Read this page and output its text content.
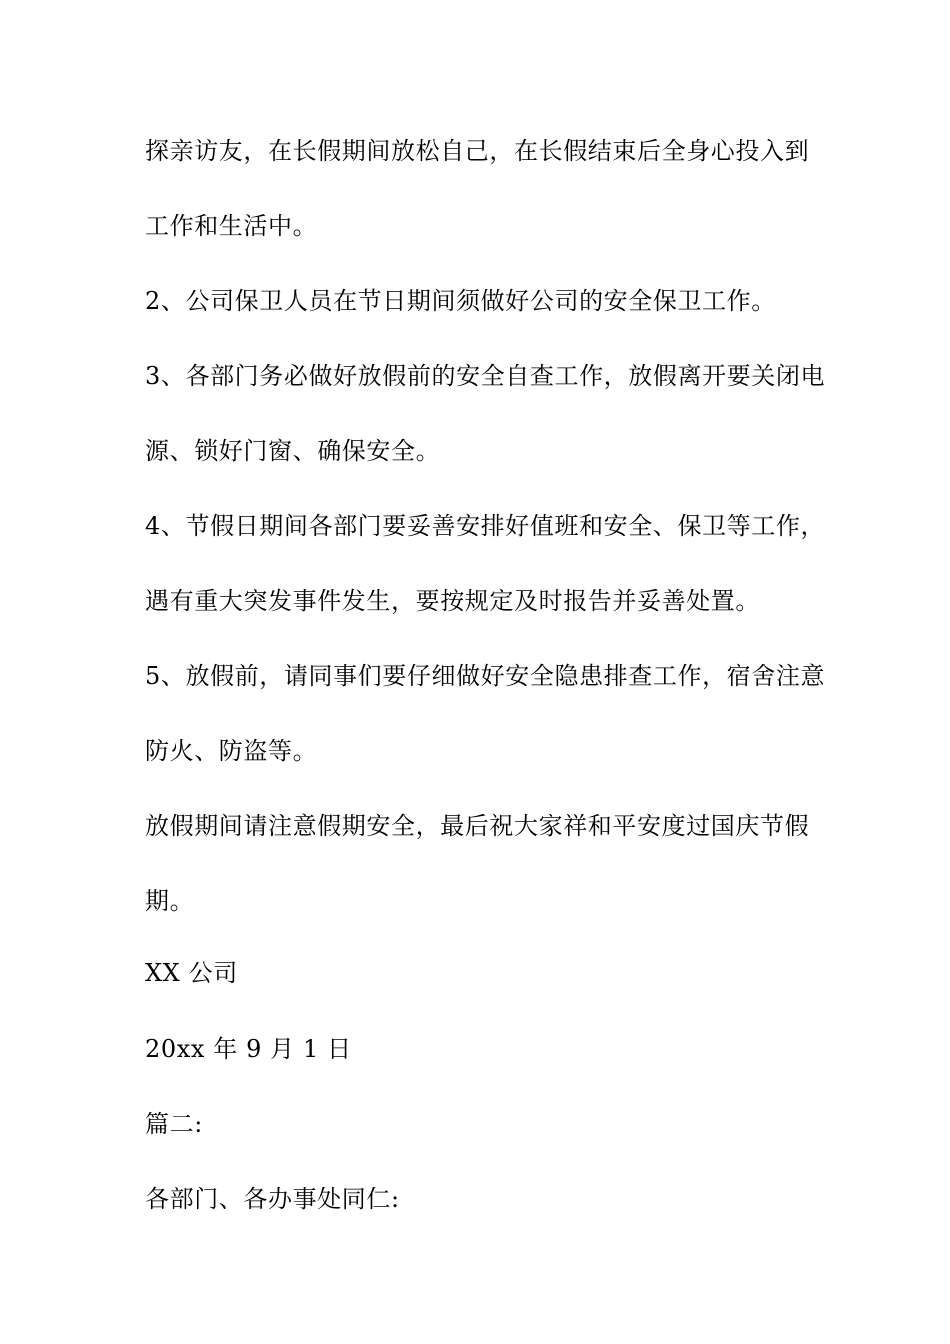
探亲访友，在长假期间放松自己，在长假结束后全身心投入到
工作和生活中。
2、公司保卫人员在节日期间须做好公司的安全保卫工作。
3、各部门务必做好放假前的安全自查工作，放假离开要关闭电
源、锁好门窗、确保安全。
4、节假日期间各部门要妥善安排好值班和安全、保卫等工作，
遇有重大突发事件发生，要按规定及时报告并妥善处置。
5、放假前，请同事们要仔细做好安全隐患排查工作，宿舍注意
防火、防盗等。
放假期间请注意假期安全，最后祝大家祥和平安度过国庆节假
期。
XX 公司
20xx 年 9 月 1 日
篇二:
各部门、各办事处同仁:
